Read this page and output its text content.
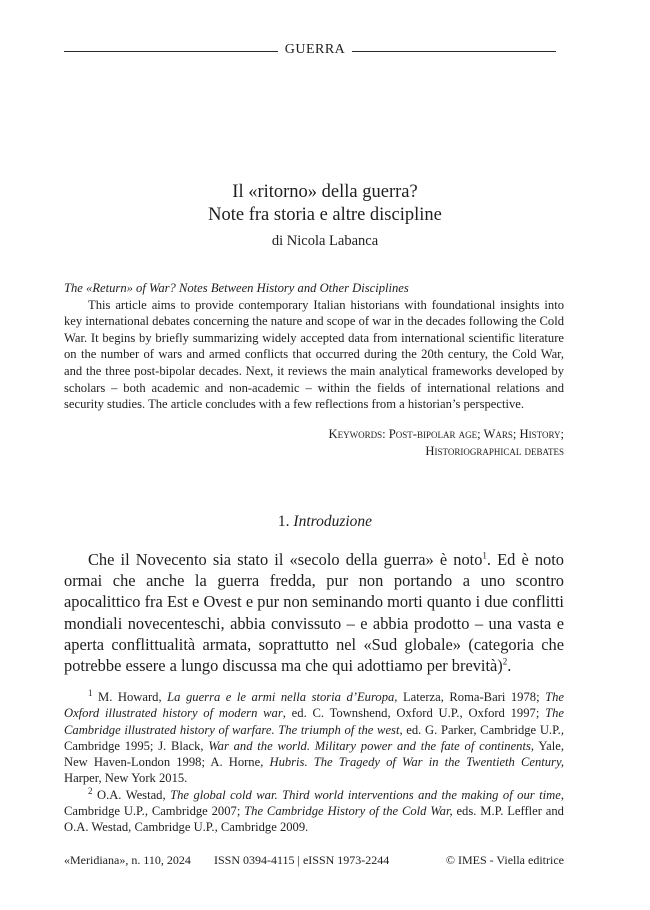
GUERRA
Il «ritorno» della guerra?
Note fra storia e altre discipline
di Nicola Labanca
The «Return» of War? Notes Between History and Other Disciplines

This article aims to provide contemporary Italian historians with foundational insights into key international debates concerning the nature and scope of war in the decades following the Cold War. It begins by briefly summarizing widely accepted data from international scientific literature on the number of wars and armed conflicts that occurred during the 20th century, the Cold War, and the three post-bipolar decades. Next, it reviews the main analytical frameworks developed by scholars – both academic and non-academic – within the fields of international relations and security studies. The article concludes with a few reflections from a historian’s perspective.

Keywords: Post-bipolar age; Wars; History;
Historiographical debates
1. Introduzione

Che il Novecento sia stato il «secolo della guerra» è noto$^1$. Ed è noto ormai che anche la guerra fredda, pur non portando a uno scontro apocalittico fra Est e Ovest e pur non seminando morti quanto i due conflitti mondiali novecenteschi, abbia convissuto – e abbia prodotto – una vasta e aperta conflittualità armata, soprattutto nel «Sud globale» (categoria che potrebbe essere a lungo discussa ma che qui adottiamo per brevità)$^2$.

$^1$ M. Howard, La guerra e le armi nella storia d’Europa, Laterza, Roma-Bari 1978; The Oxford illustrated history of modern war, ed. C. Townshend, Oxford U.P., Oxford 1997; The Cambridge illustrated history of warfare. The triumph of the west, ed. G. Parker, Cambridge U.P., Cambridge 1995; J. Black, War and the world. Military power and the fate of continents, Yale, New Haven-London 1998; A. Horne, Hubris. The Tragedy of War in the Twentieth Century, Harper, New York 2015.

$^2$ O.A. Westad, The global cold war. Third world interventions and the making of our time, Cambridge U.P., Cambridge 2007; The Cambridge History of the Cold War, eds. M.P. Leffler and O.A. Westad, Cambridge U.P., Cambridge 2009.

«Meridiana», n. 110, 2024 ISSN 0394-4115 | eISSN 1973-2244	© IMES - Viella editrice
